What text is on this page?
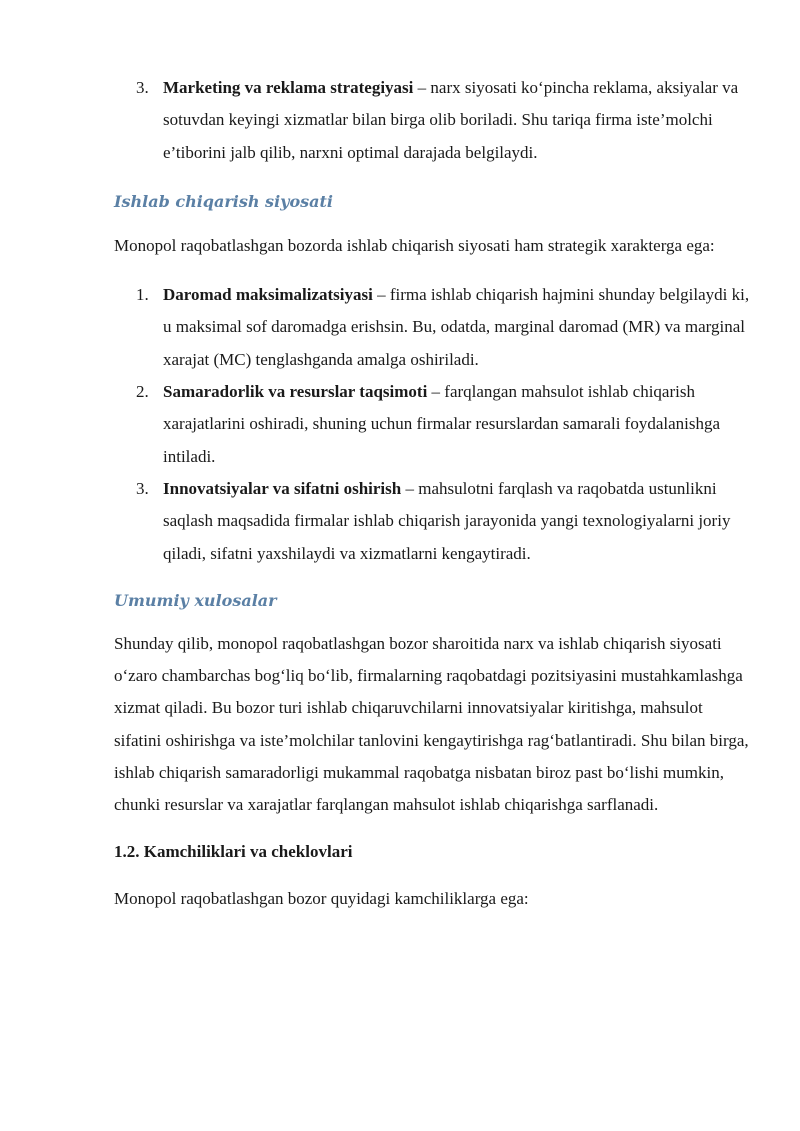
3. Marketing va reklama strategiyasi – narx siyosati ko‘pincha reklama, aksiyalar va sotuvdan keyingi xizmatlar bilan birga olib boriladi. Shu tariqa firma iste’molchi e’tiborini jalb qilib, narxni optimal darajada belgilaydi.
Ishlab chiqarish siyosati

Monopol raqobatlashgan bozorda ishlab chiqarish siyosati ham strategik xarakterga ega:

1. Daromad maksimalizatsiyasi – firma ishlab chiqarish hajmini shunday belgilaydi ki, u maksimal sof daromadga erishsin. Bu, odatda, marginal daromad (MR) va marginal xarajat (MC) tenglashganda amalga oshiriladi.
2. Samaradorlik va resurslar taqsimoti – farqlangan mahsulot ishlab chiqarish xarajatlarini oshiradi, shuning uchun firmalar resurslardan samarali foydalanishga intiladi.
3. Innovatsiyalar va sifatni oshirish – mahsulotni farqlash va raqobatda ustunlikni saqlash maqsadida firmalar ishlab chiqarish jarayonida yangi texnologiyalarni joriy qiladi, sifatni yaxshilaydi va xizmatlarni kengaytiradi.
Umumiy xulosalar

Shunday qilib, monopol raqobatlashgan bozor sharoitida narx va ishlab chiqarish siyosati o‘zaro chambarchas bog‘liq bo‘lib, firmalarning raqobatdagi pozitsiyasini mustahkamlashga xizmat qiladi. Bu bozor turi ishlab chiqaruvchilarni innovatsiyalar kiritishga, mahsulot sifatini oshirishga va iste’molchilar tanlovini kengaytirishga rag‘batlantiradi. Shu bilan birga, ishlab chiqarish samaradorligi mukammal raqobatga nisbatan biroz past bo‘lishi mumkin, chunki resurslar va xarajatlar farqlangan mahsulot ishlab chiqarishga sarflanadi.

1.2. Kamchiliklari va cheklovlari

Monopol raqobatlashgan bozor quyidagi kamchiliklarga ega:
